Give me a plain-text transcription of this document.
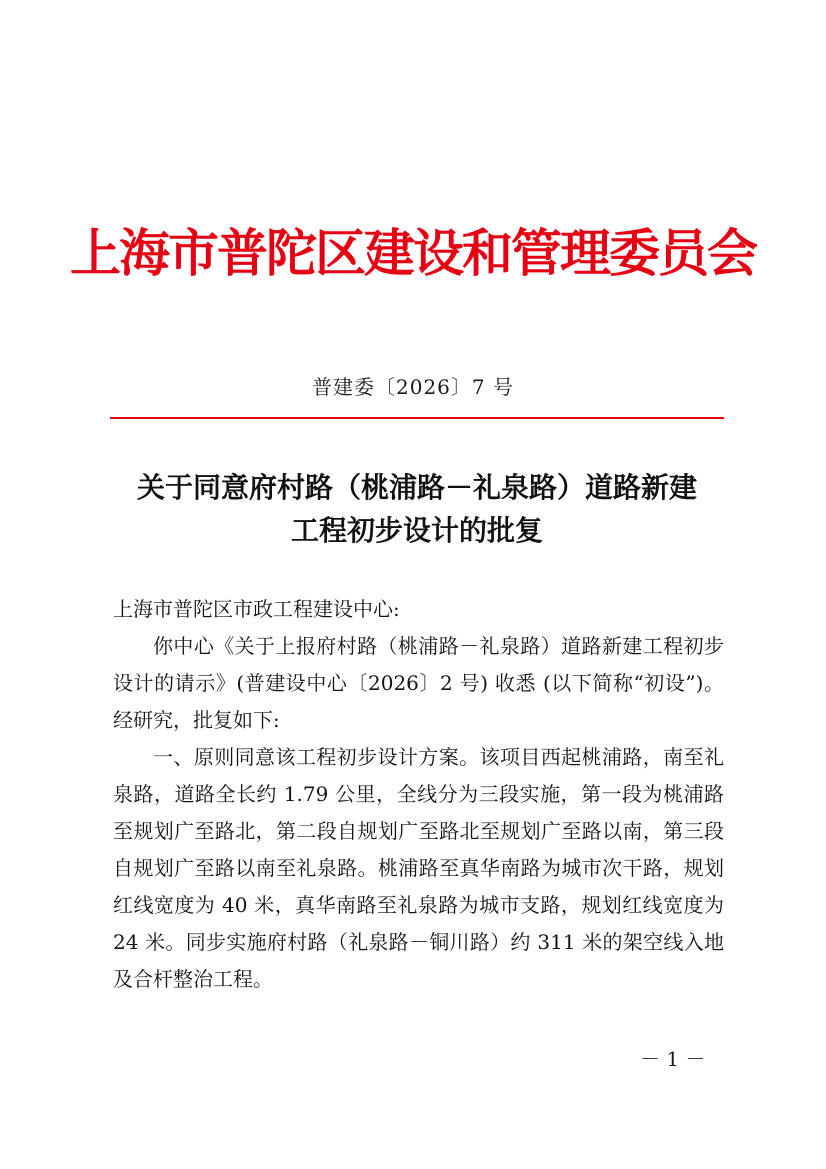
上海市普陀区建设和管理委员会
普建委〔2026〕7 号
关于同意府村路（桃浦路－礼泉路）道路新建
工程初步设计的批复

上海市普陀区市政工程建设中心:

你中心《关于上报府村路（桃浦路－礼泉路）道路新建工程初步设计的请示》(普建设中心〔2026〕2 号) 收悉 (以下简称“初设”)。经研究，批复如下:

一、原则同意该工程初步设计方案。该项目西起桃浦路，南至礼泉路，道路全长约 1.79 公里，全线分为三段实施，第一段为桃浦路至规划广至路北，第二段自规划广至路北至规划广至路以南，第三段自规划广至路以南至礼泉路。桃浦路至真华南路为城市次干路，规划红线宽度为 40 米，真华南路至礼泉路为城市支路，规划红线宽度为 24 米。同步实施府村路（礼泉路－铜川路）约 311 米的架空线入地及合杆整治工程。

－ 1 －
